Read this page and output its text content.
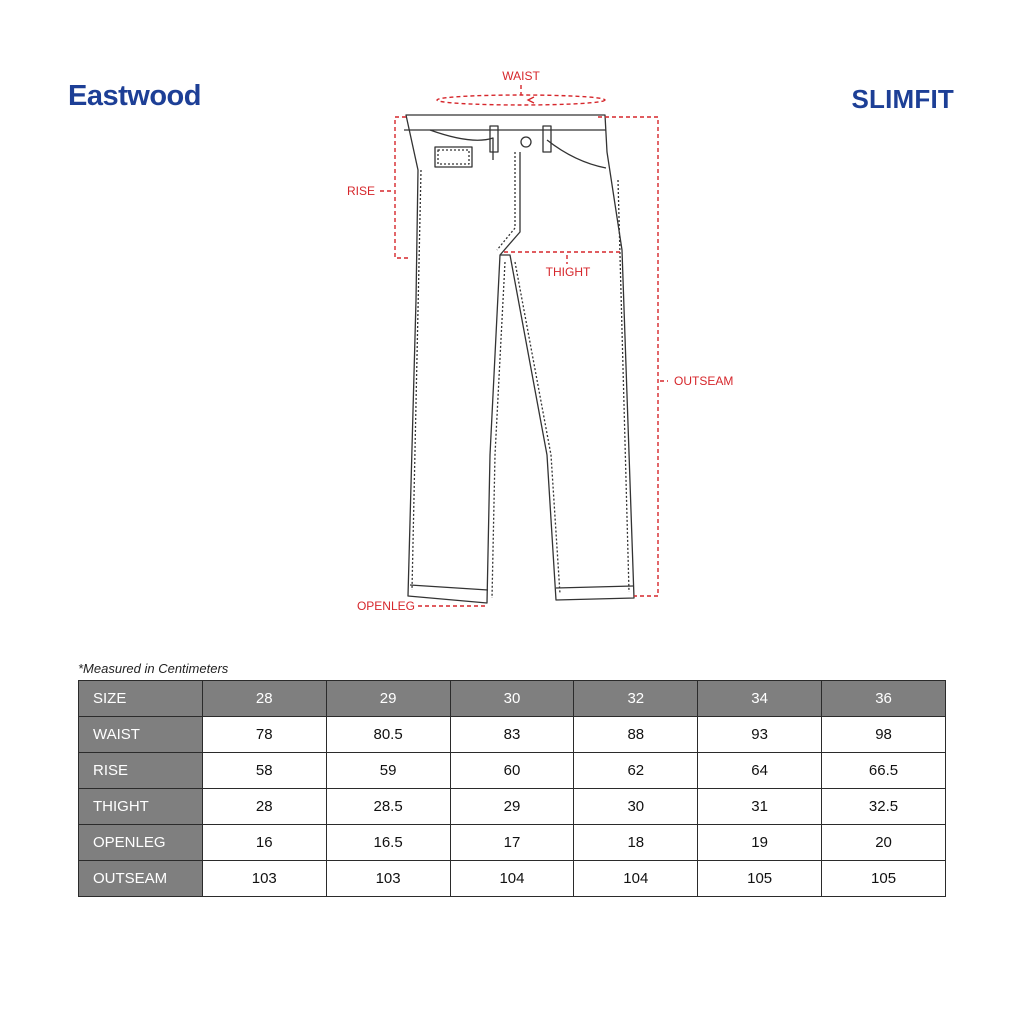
Eastwood	SLIMFIT
WAIST
RISE
THIGHT
OUTSEAM
OPENLEG
*Measured in Centimeters
SIZE	28	29	30	32	34	36
WAIST	78	80.5	83	88	93	98
RISE	58	59	60	62	64	66.5
THIGHT	28	28.5	29	30	31	32.5
OPENLEG	16	16.5	17	18	19	20
OUTSEAM	103	103	104	104	105	105
